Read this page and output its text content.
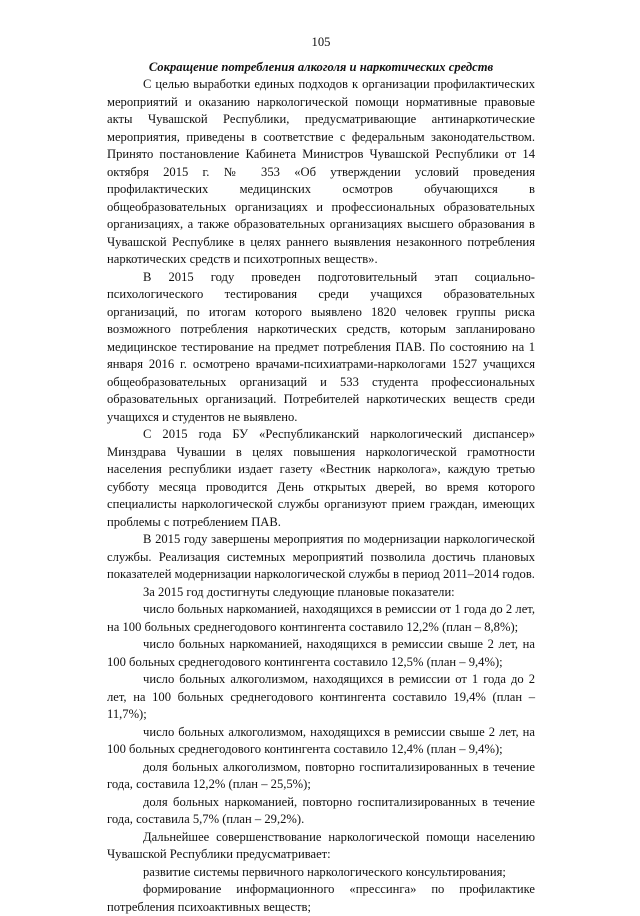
105

Сокращение потребления алкоголя и наркотических средств

С целью выработки единых подходов к организации профилактических мероприятий и оказанию наркологической помощи нормативные правовые акты Чувашской Республики, предусматривающие антинаркотические мероприятия, приведены в соответствие с федеральным законодательством. Принято постановление Кабинета Министров Чувашской Республики от 14 октября 2015 г. № 353 «Об утверждении условий проведения профилактических медицинских осмотров обучающихся в общеобразовательных организациях и профессиональных образовательных организациях, а также образовательных организациях высшего образования в Чувашской Республике в целях раннего выявления незаконного потребления наркотических средств и психотропных веществ».

В 2015 году проведен подготовительный этап социально-психологического тестирования среди учащихся образовательных организаций, по итогам которого выявлено 1820 человек группы риска возможного потребления наркотических средств, которым запланировано медицинское тестирование на предмет потребления ПАВ. По состоянию на 1 января 2016 г. осмотрено врачами-психиатрами-наркологами 1527 учащихся общеобразовательных организаций и 533 студента профессиональных образовательных организаций. Потребителей наркотических веществ среди учащихся и студентов не выявлено.

С 2015 года БУ «Республиканский наркологический диспансер» Минздрава Чувашии в целях повышения наркологической грамотности населения республики издает газету «Вестник нарколога», каждую третью субботу месяца проводится День открытых дверей, во время которого специалисты наркологической службы организуют прием граждан, имеющих проблемы с потреблением ПАВ.

В 2015 году завершены мероприятия по модернизации наркологической службы. Реализация системных мероприятий позволила достичь плановых показателей модернизации наркологической службы в период 2011–2014 годов.

За 2015 год достигнуты следующие плановые показатели:

число больных наркоманией, находящихся в ремиссии от 1 года до 2 лет, на 100 больных среднегодового контингента составило 12,2% (план – 8,8%);

число больных наркоманией, находящихся в ремиссии свыше 2 лет, на 100 больных среднегодового контингента составило 12,5% (план – 9,4%);

число больных алкоголизмом, находящихся в ремиссии от 1 года до 2 лет, на 100 больных среднегодового контингента составило 19,4% (план – 11,7%);

число больных алкоголизмом, находящихся в ремиссии свыше 2 лет, на 100 больных среднегодового контингента составило 12,4% (план – 9,4%);

доля больных алкоголизмом, повторно госпитализированных в течение года, составила 12,2% (план – 25,5%);

доля больных наркоманией, повторно госпитализированных в течение года, составила 5,7% (план – 29,2%).

Дальнейшее совершенствование наркологической помощи населению Чувашской Республики предусматривает:

развитие системы первичного наркологического консультирования;

формирование информационного «прессинга» по профилактике потребления психоактивных веществ;
